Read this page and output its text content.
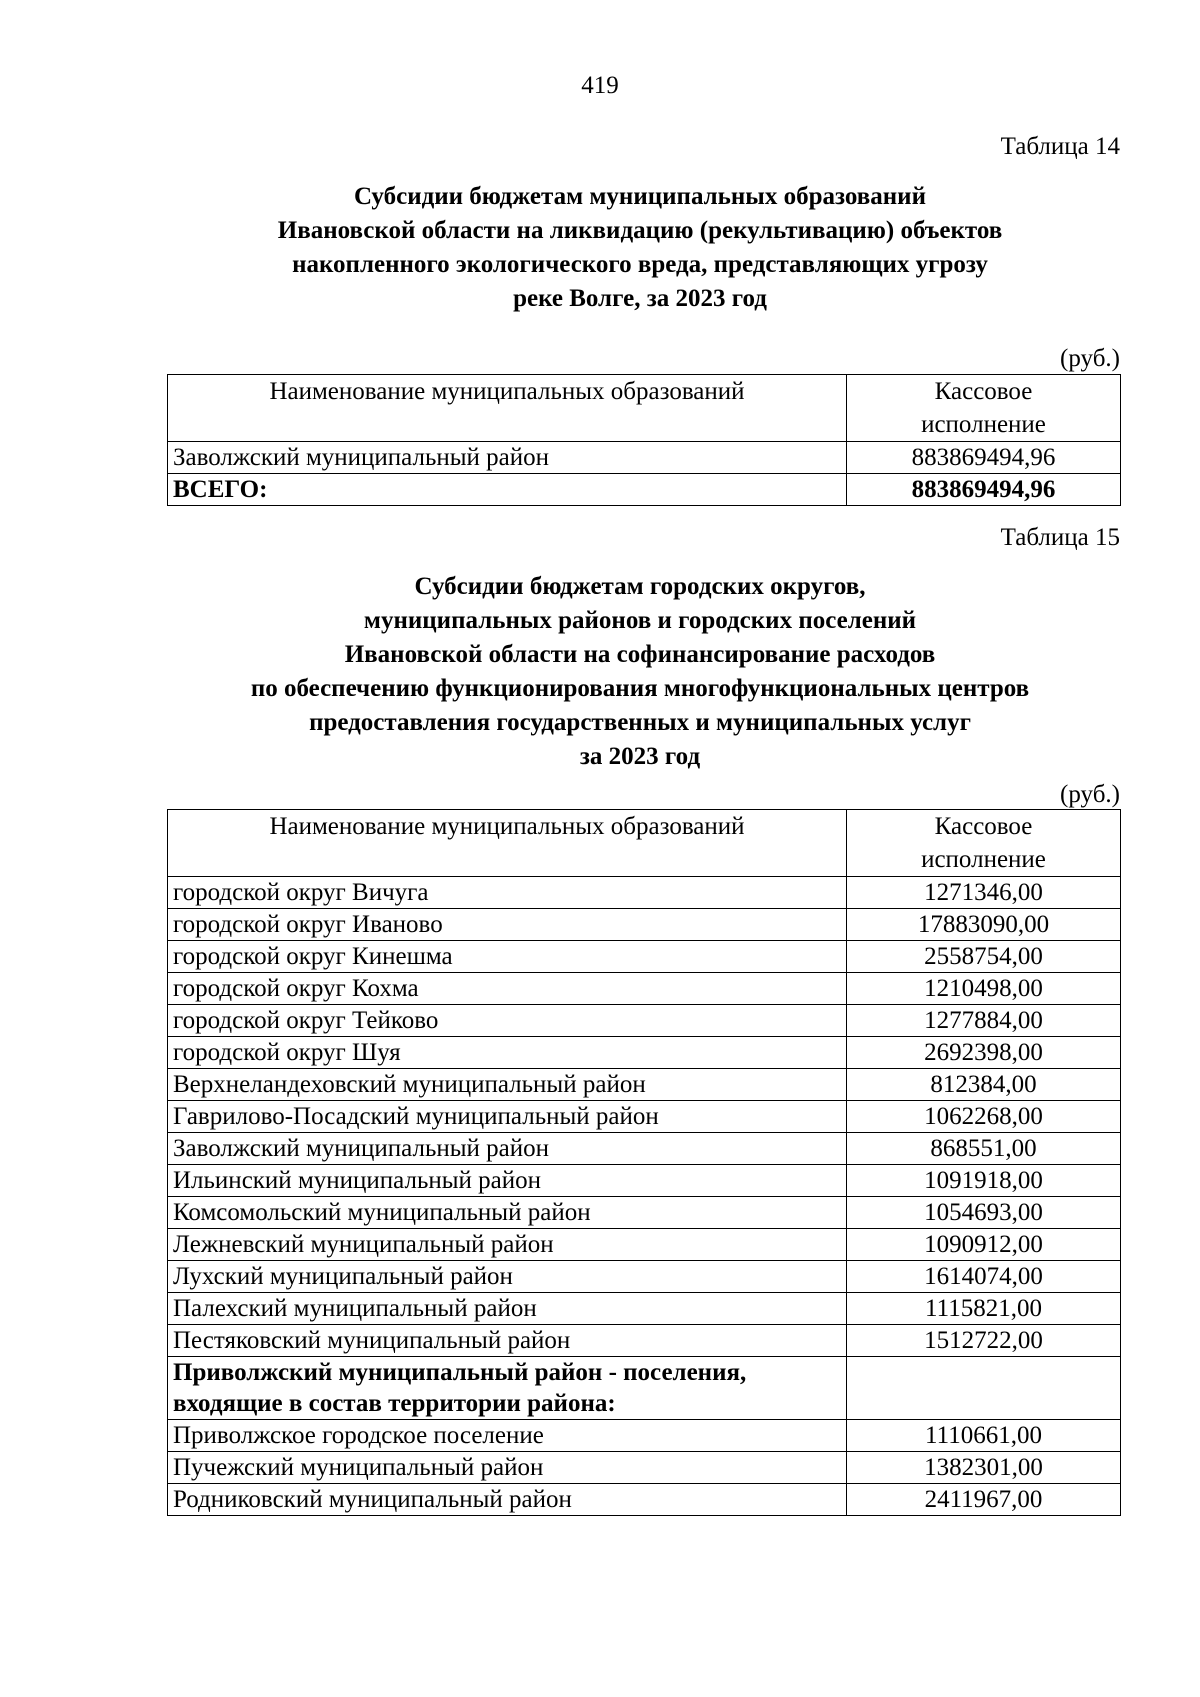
419
Таблица 14
Субсидии бюджетам муниципальных образований
Ивановской области на ликвидацию (рекультивацию) объектов
накопленного экологического вреда, представляющих угрозу
реке Волге, за 2023 год
(руб.)
Наименование муниципальных образований	Кассовое
исполнение
Заволжский муниципальный район	883869494,96
ВСЕГО:	883869494,96
Таблица 15
Субсидии бюджетам городских округов,
муниципальных районов и городских поселений
Ивановской области на софинансирование расходов
по обеспечению функционирования многофункциональных центров
предоставления государственных и муниципальных услуг
за 2023 год
(руб.)
Наименование муниципальных образований	Кассовое
исполнение
городской округ Вичуга	1271346,00
городской округ Иваново	17883090,00
городской округ Кинешма	2558754,00
городской округ Кохма	1210498,00
городской округ Тейково	1277884,00
городской округ Шуя	2692398,00
Верхнеландеховский муниципальный район	812384,00
Гаврилово-Посадский муниципальный район	1062268,00
Заволжский муниципальный район	868551,00
Ильинский муниципальный район	1091918,00
Комсомольский муниципальный район	1054693,00
Лежневский муниципальный район	1090912,00
Лухский муниципальный район	1614074,00
Палехский муниципальный район	1115821,00
Пестяковский муниципальный район	1512722,00
Приволжский муниципальный район - поселения,
входящие в состав территории района:	
Приволжское городское поселение	1110661,00
Пучежский муниципальный район	1382301,00
Родниковский муниципальный район	2411967,00
